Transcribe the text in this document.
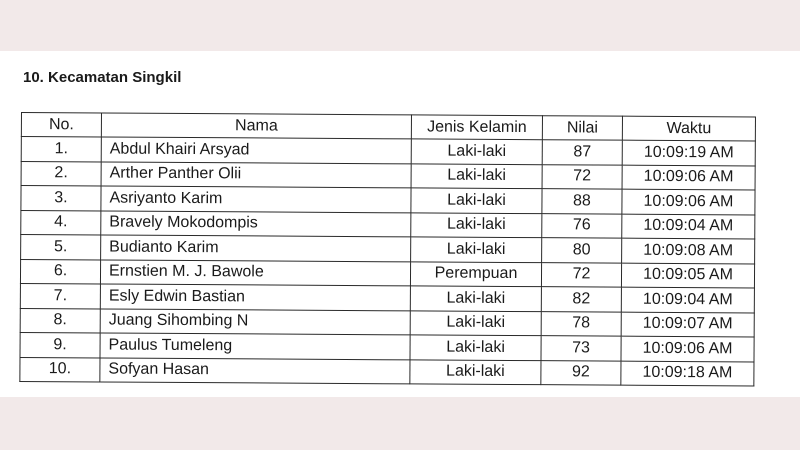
10. Kecamatan Singkil
No.	Nama	Jenis Kelamin	Nilai	Waktu
1.	Abdul Khairi Arsyad	Laki-laki	87	10:09:19 AM
2.	Arther Panther Olii	Laki-laki	72	10:09:06 AM
3.	Asriyanto Karim	Laki-laki	88	10:09:06 AM
4.	Bravely Mokodompis	Laki-laki	76	10:09:04 AM
5.	Budianto Karim	Laki-laki	80	10:09:08 AM
6.	Ernstien M. J. Bawole	Perempuan	72	10:09:05 AM
7.	Esly Edwin Bastian	Laki-laki	82	10:09:04 AM
8.	Juang Sihombing N	Laki-laki	78	10:09:07 AM
9.	Paulus Tumeleng	Laki-laki	73	10:09:06 AM
10.	Sofyan Hasan	Laki-laki	92	10:09:18 AM
